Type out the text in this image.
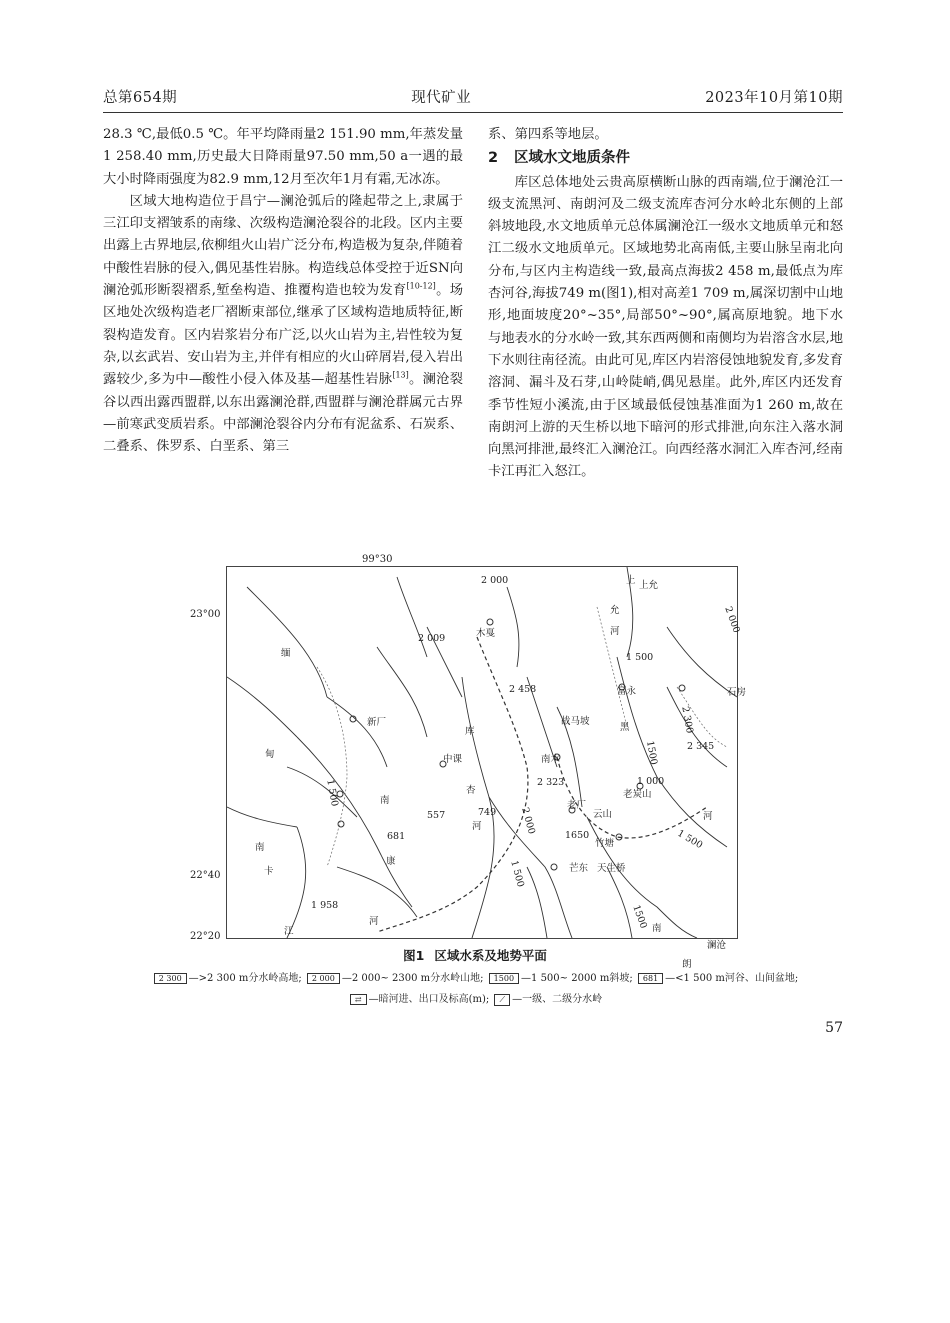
总第654期	现代矿业	2023年10月第10期

28.3 ℃,最低0.5 ℃。年平均降雨量2 151.90 mm,年蒸发量1 258.40 mm,历史最大日降雨量97.50 mm,50 a一遇的最大小时降雨强度为82.9 mm,12月至次年1月有霜,无冰冻。

区域大地构造位于昌宁—澜沧弧后的隆起带之上,隶属于三江印支褶皱系的南缘、次级构造澜沧裂谷的北段。区内主要出露上古界地层,依柳组火山岩广泛分布,构造极为复杂,伴随着中酸性岩脉的侵入,偶见基性岩脉。构造线总体受控于近SN向澜沧弧形断裂褶系,堑垒构造、推覆构造也较为发育[10-12]。场区地处次级构造老厂褶断束部位,继承了区域构造地质特征,断裂构造发育。区内岩浆岩分布广泛,以火山岩为主,岩性较为复杂,以玄武岩、安山岩为主,并伴有相应的火山碎屑岩,侵入岩出露较少,多为中—酸性小侵入体及基—超基性岩脉[13]。澜沧裂谷以西出露西盟群,以东出露澜沧群,西盟群与澜沧群属元古界—前寒武变质岩系。中部澜沧裂谷内分布有泥盆系、石炭系、二叠系、侏罗系、白垩系、第三

系、第四系等地层。

2 区域水文地质条件

库区总体地处云贵高原横断山脉的西南端,位于澜沧江一级支流黑河、南朗河及二级支流库杏河分水岭北东侧的上部斜坡地段,水文地质单元总体属澜沧江一级水文地质单元和怒江二级水文地质单元。区域地势北高南低,主要山脉呈南北向分布,与区内主构造线一致,最高点海拔2 458 m,最低点为库杏河谷,海拔749 m(图1),相对高差1 709 m,属深切割中山地形,地面坡度20°~35°,局部50°~90°,属高原地貌。地下水与地表水的分水岭一致,其东西两侧和南侧均为岩溶含水层,地下水则往南径流。由此可见,库区内岩溶侵蚀地貌发育,多发育溶洞、漏斗及石芽,山岭陡峭,偶见悬崖。此外,库区内还发育季节性短小溪流,由于区域最低侵蚀基准面为1 260 m,故在南朗河上游的天生桥以地下暗河的形式排泄,向东注入落水洞向黑河排泄,最终汇入澜沧江。向西经落水洞汇入库杏河,经南卡江再汇入怒江。

99°30
23°00
22°40
22°20
2 000	上 上允
允
河
2 009	木戛
1 500
2 000
缅
甸
2 458	富永	石房
新厂
库
战马坡	2 300
2 345
黑
1500
南木
中课
2 323	1 000
老炭山
河
1 500
杏
南
749
557
681
河
老厂
云山
1650
1 500
2 000
南	竹塘
康	1 500	芒东 天生桥
卡
1 958
江
河	1500 南
澜沧
朗
图1 区域水系及地势平面
2 300 —>2 300 m分水岭高地; 2 000 —2 000~ 2300 m分水岭山地; 1500 —1 500~ 2000 m斜坡; 681 —<1 500 m河谷、山间盆地;
⇄ —暗河进、出口及标高(m); ⟋ —一级、二级分水岭
57
